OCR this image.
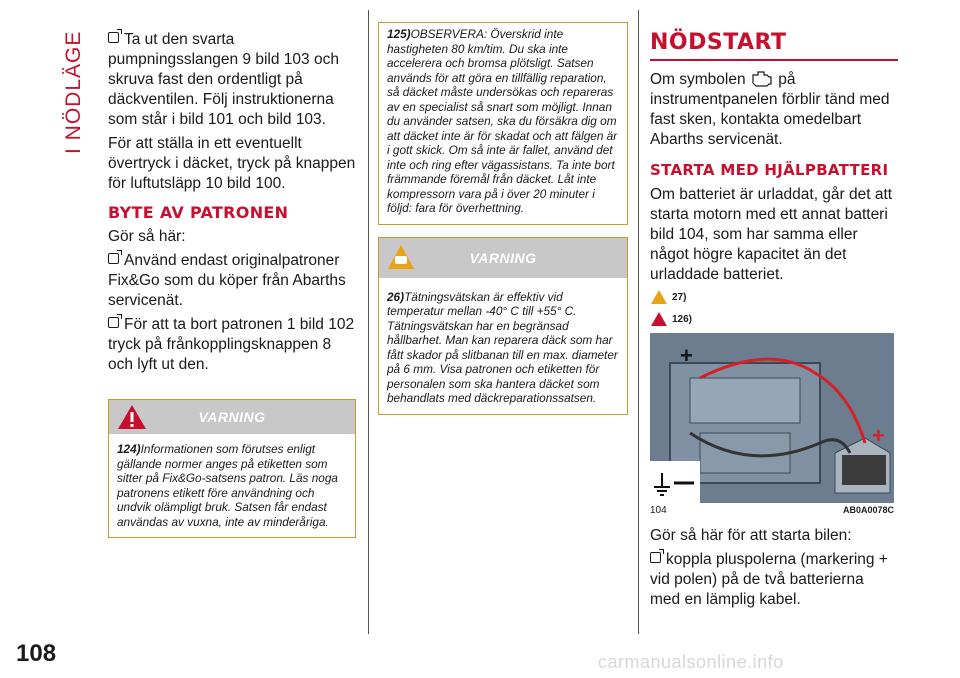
I NÖDLÄGE
108	carmanualsonline.info

Ta ut den svarta pumpningsslangen 9 bild 103 och skruva fast den ordentligt på däckventilen. Följ instruktionerna som står i bild 101 och bild 103.

För att ställa in ett eventuellt övertryck i däcket, tryck på knappen för luftutsläpp 10 bild 100.

BYTE AV PATRONEN

Gör så här:

Använd endast originalpatroner Fix&Go som du köper från Abarths servicenät.

För att ta bort patronen 1 bild 102 tryck på frånkopplingsknappen 8 och lyft ut den.

VARNING
124)Informationen som förutses enligt gällande normer anges på etiketten som sitter på Fix&Go-satsens patron. Läs noga patronens etikett före användning och undvik olämpligt bruk. Satsen får endast användas av vuxna, inte av minderåriga.
125)OBSERVERA: Överskrid inte hastigheten 80 km/tim. Du ska inte accelerera och bromsa plötsligt. Satsen används för att göra en tillfällig reparation, så däcket måste undersökas och repareras av en specialist så snart som möjligt. Innan du använder satsen, ska du försäkra dig om att däcket inte är för skadat och att fälgen är i gott skick. Om så inte är fallet, använd det inte och ring efter vägassistans. Ta inte bort främmande föremål från däcket. Låt inte kompressorn vara på i över 20 minuter i följd: fara för överhettning.
VARNING
26)Tätningsvätskan är effektiv vid temperatur mellan -40° C till +55° C. Tätningsvätskan har en begränsad hållbarhet. Man kan reparera däck som har fått skador på slitbanan till en max. diameter på 6 mm. Visa patronen och etiketten för personalen som ska hantera däcket som behandlats med däckreparationssatsen.
NÖDSTART

Om symbolen på instrumentpanelen förblir tänd med fast sken, kontakta omedelbart Abarths servicenät.

STARTA MED HJÄLPBATTERI

Om batteriet är urladdat, går det att starta motorn med ett annat batteri bild 104, som har samma eller något högre kapacitet än det urladdade batteriet.

27)
126)
+
+
104	AB0A0078C

Gör så här för att starta bilen:

koppla pluspolerna (markering + vid polen) på de två batterierna med en lämplig kabel.
